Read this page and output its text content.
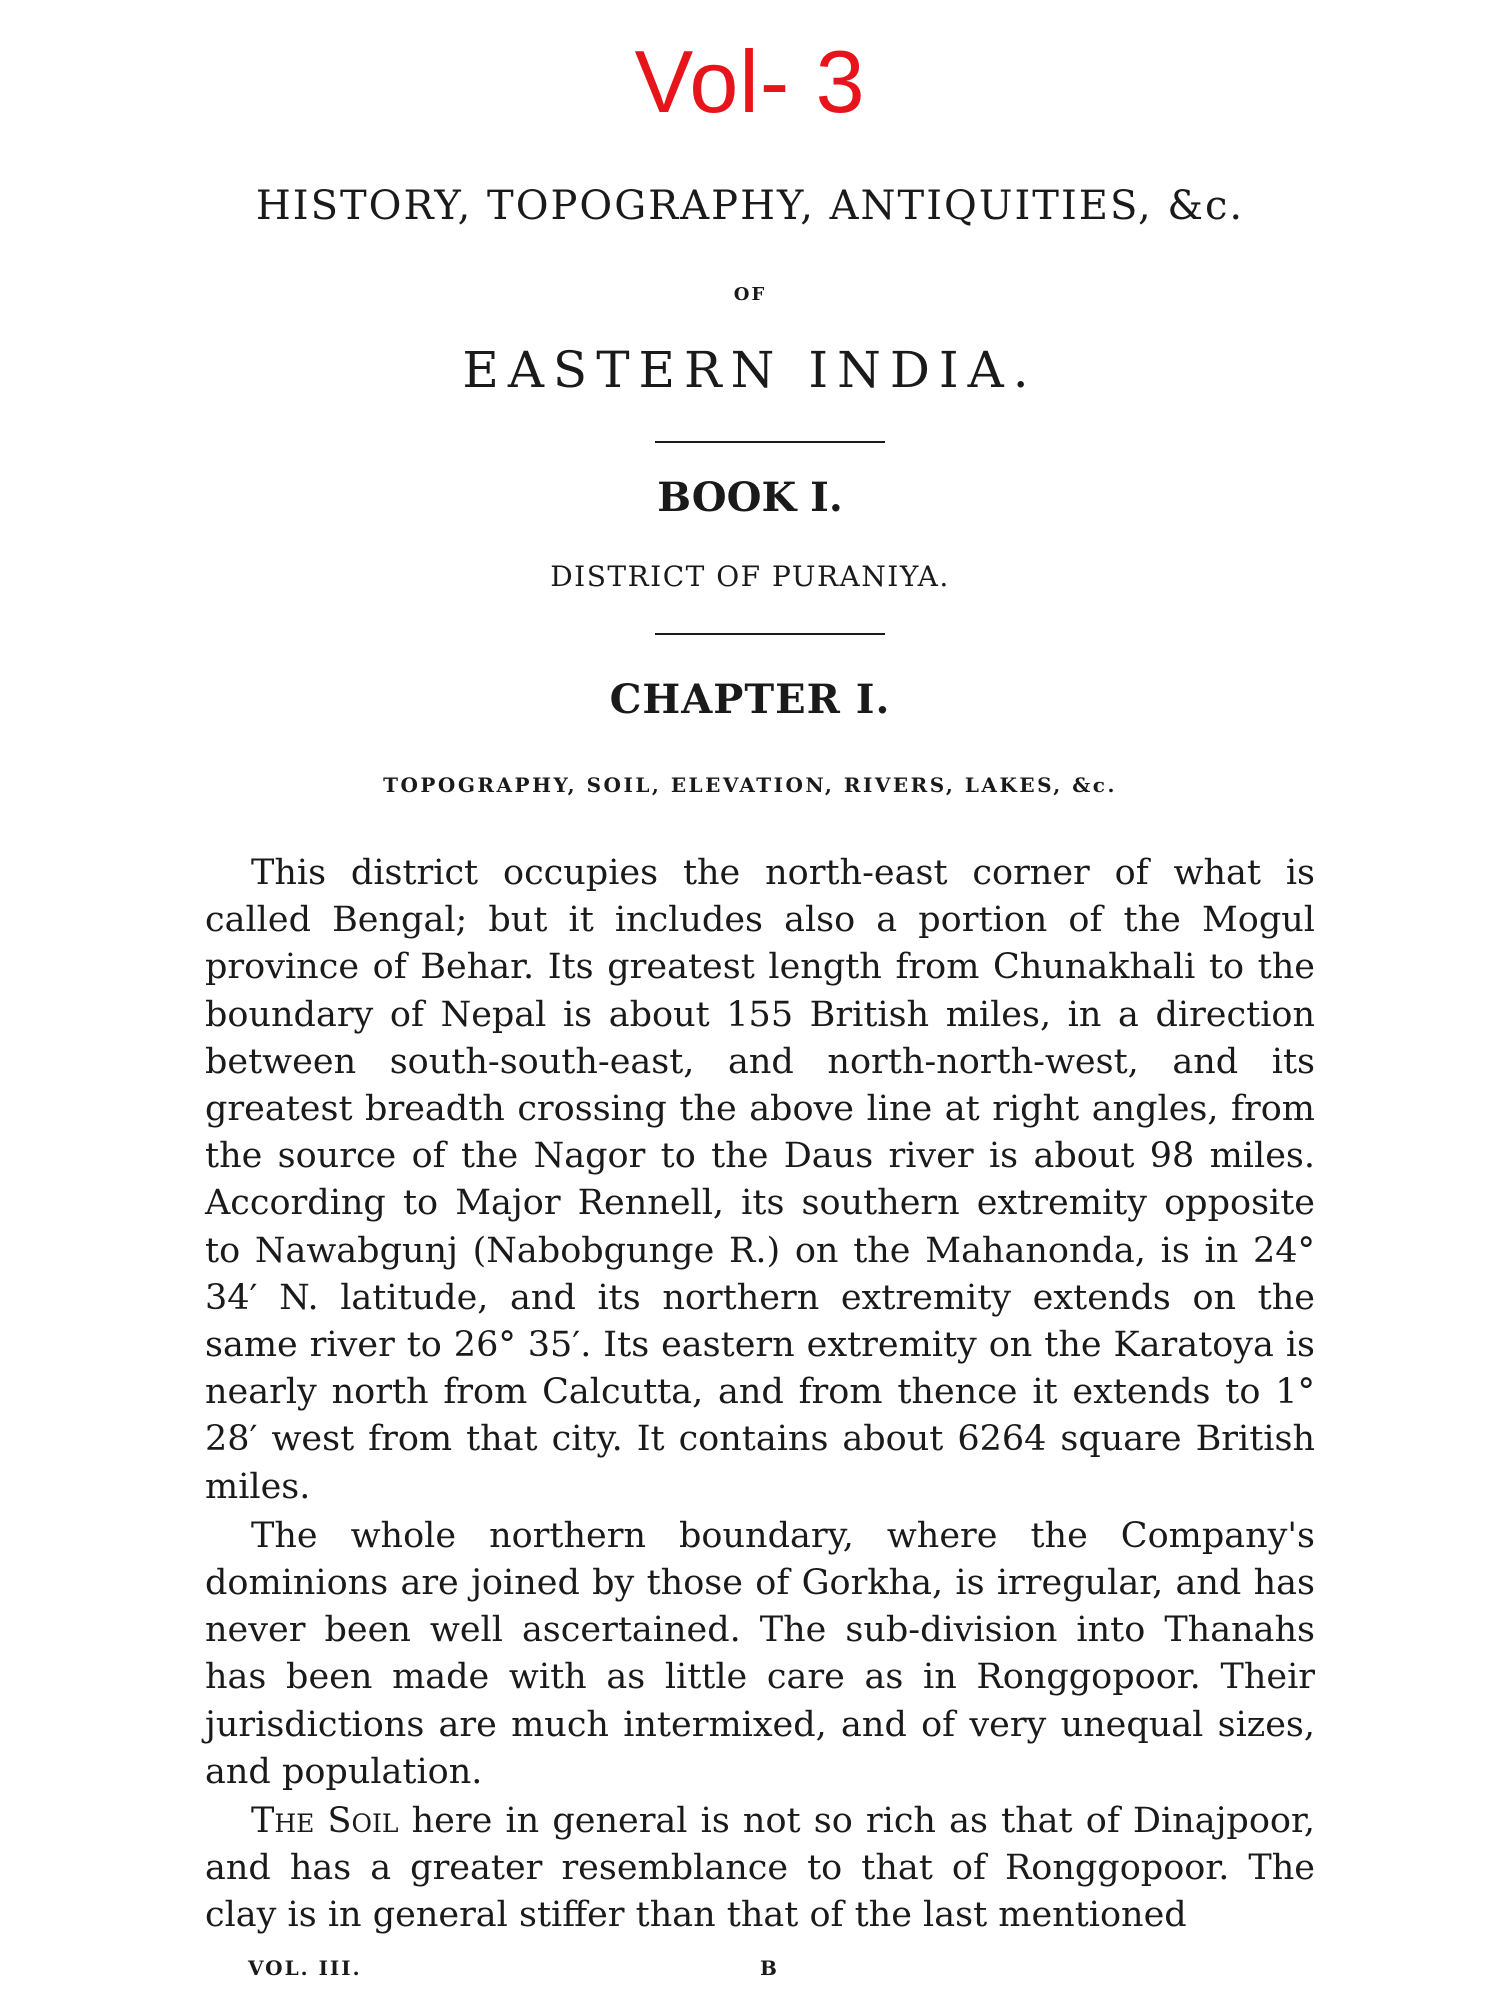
Vol- 3
HISTORY, TOPOGRAPHY, ANTIQUITIES, &c.
OF
EASTERN INDIA.
BOOK I.
DISTRICT OF PURANIYA.
CHAPTER I.
TOPOGRAPHY, SOIL, ELEVATION, RIVERS, LAKES, &c.

This district occupies the north-east corner of what is called Bengal; but it includes also a portion of the Mogul province of Behar. Its greatest length from Chunakhali to the boundary of Nepal is about 155 British miles, in a direction between south-south-east, and north-north-west, and its greatest breadth crossing the above line at right angles, from the source of the Nagor to the Daus river is about 98 miles. According to Major Rennell, its southern extremity opposite to Nawabgunj (Nabobgunge R.) on the Mahanonda, is in 24° 34′ N. latitude, and its northern extremity extends on the same river to 26° 35′. Its eastern extremity on the Karatoya is nearly north from Calcutta, and from thence it extends to 1° 28′ west from that city. It contains about 6264 square British miles.

The whole northern boundary, where the Company's dominions are joined by those of Gorkha, is irregular, and has never been well ascertained. The sub-division into Thanahs has been made with as little care as in Ronggopoor. Their jurisdictions are much intermixed, and of very unequal sizes, and population.

The Soil here in general is not so rich as that of Dinajpoor, and has a greater resemblance to that of Ronggopoor. The clay is in general stiffer than that of the last mentioned

VOL. III.	B
